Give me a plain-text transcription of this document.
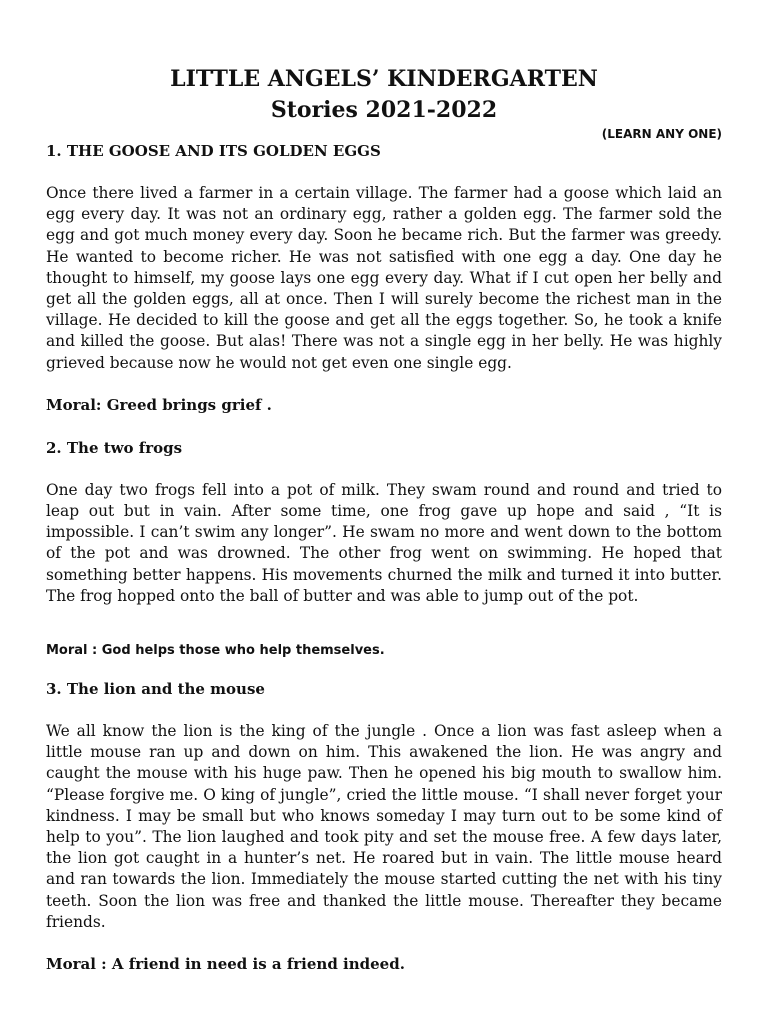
LITTLE ANGELS’ KINDERGARTEN
Stories 2021-2022

(LEARN ANY ONE)

1. THE GOOSE AND ITS GOLDEN EGGS

Once there lived a farmer in a certain village. The farmer had a goose which laid an egg every day. It was not an ordinary egg, rather a golden egg. The farmer sold the egg and got much money every day. Soon he became rich. But the farmer was greedy. He wanted to become richer. He was not satisfied with one egg a day. One day he thought to himself, my goose lays one egg every day. What if I cut open her belly and get all the golden eggs, all at once. Then I will surely become the richest man in the village. He decided to kill the goose and get all the eggs together. So, he took a knife and killed the goose. But alas! There was not a single egg in her belly. He was highly grieved because now he would not get even one single egg.

Moral: Greed brings grief .

2. The two frogs

One day two frogs fell into a pot of milk. They swam round and round and tried to leap out but in vain. After some time, one frog gave up hope and said , “It is impossible. I can’t swim any longer”. He swam no more and went down to the bottom of the pot and was drowned. The other frog went on swimming. He hoped that something better happens. His movements churned the milk and turned it into butter. The frog hopped onto the ball of butter and was able to jump out of the pot.

Moral : God helps those who help themselves.

3. The lion and the mouse

We all know the lion is the king of the jungle . Once a lion was fast asleep when a little mouse ran up and down on him. This awakened the lion. He was angry and caught the mouse with his huge paw. Then he opened his big mouth to swallow him. “Please forgive me. O king of jungle”, cried the little mouse. “I shall never forget your kindness. I may be small but who knows someday I may turn out to be some kind of help to you”. The lion laughed and took pity and set the mouse free. A few days later, the lion got caught in a hunter’s net. He roared but in vain. The little mouse heard and ran towards the lion. Immediately the mouse started cutting the net with his tiny teeth. Soon the lion was free and thanked the little mouse. Thereafter they became friends.

Moral : A friend in need is a friend indeed.
